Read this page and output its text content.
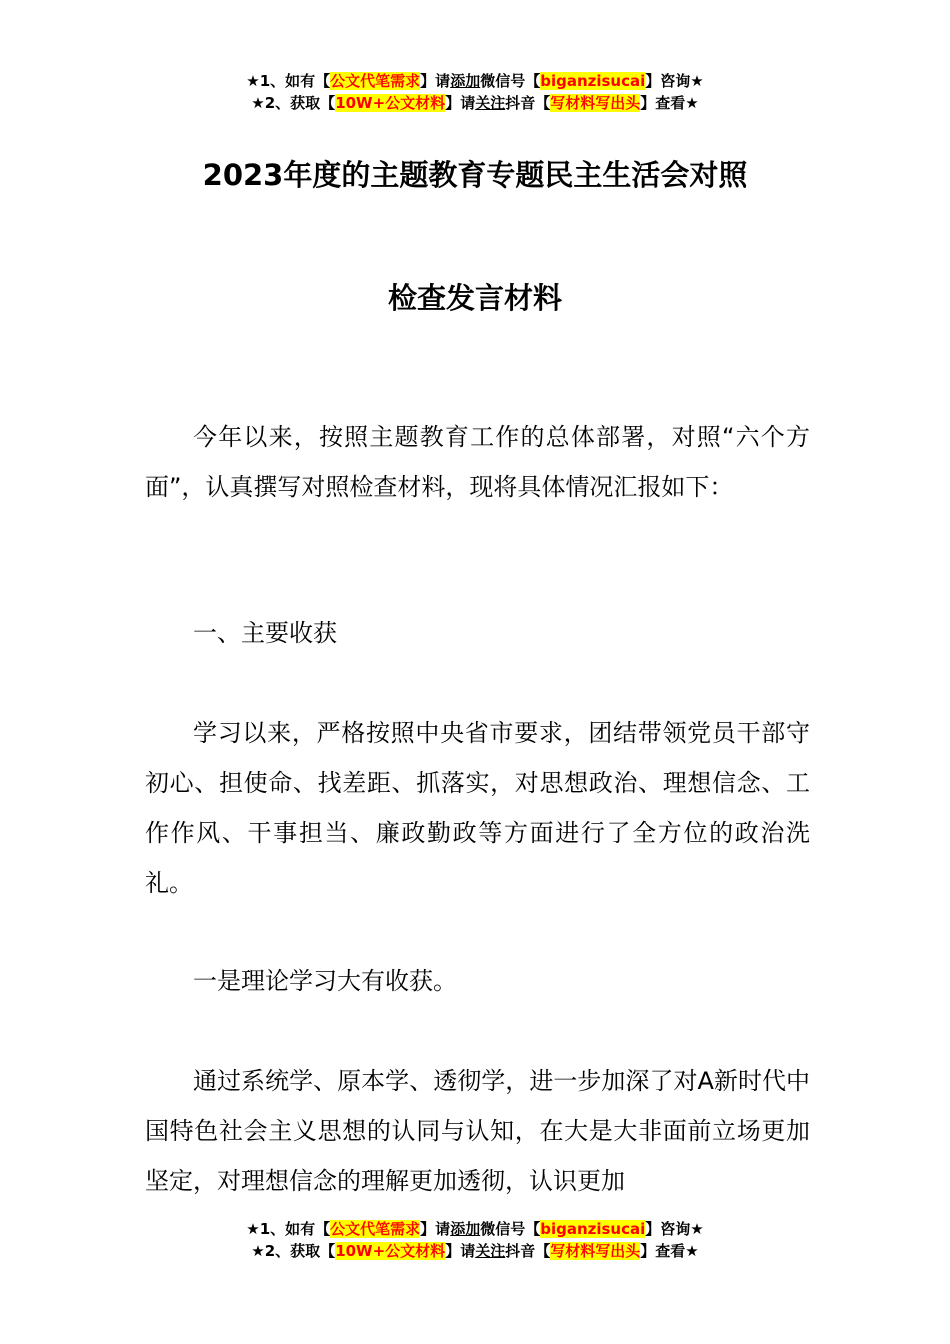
★1、如有【公文代笔需求】请添加微信号【biganzisucai】咨询★
★2、获取【10W+公文材料】请关注抖音【写材料写出头】查看★
2023年度的主题教育专题民主生活会对照
检查发言材料
今年以来，按照主题教育工作的总体部署，对照“六个方面”，认真撰写对照检查材料，现将具体情况汇报如下：
一、主要收获
学习以来，严格按照中央省市要求，团结带领党员干部守初心、担使命、找差距、抓落实，对思想政治、理想信念、工作作风、干事担当、廉政勤政等方面进行了全方位的政治洗礼。
一是理论学习大有收获。
通过系统学、原本学、透彻学，进一步加深了对A新时代中国特色社会主义思想的认同与认知，在大是大非面前立场更加坚定，对理想信念的理解更加透彻，认识更加
★1、如有【公文代笔需求】请添加微信号【biganzisucai】咨询★
★2、获取【10W+公文材料】请关注抖音【写材料写出头】查看★
